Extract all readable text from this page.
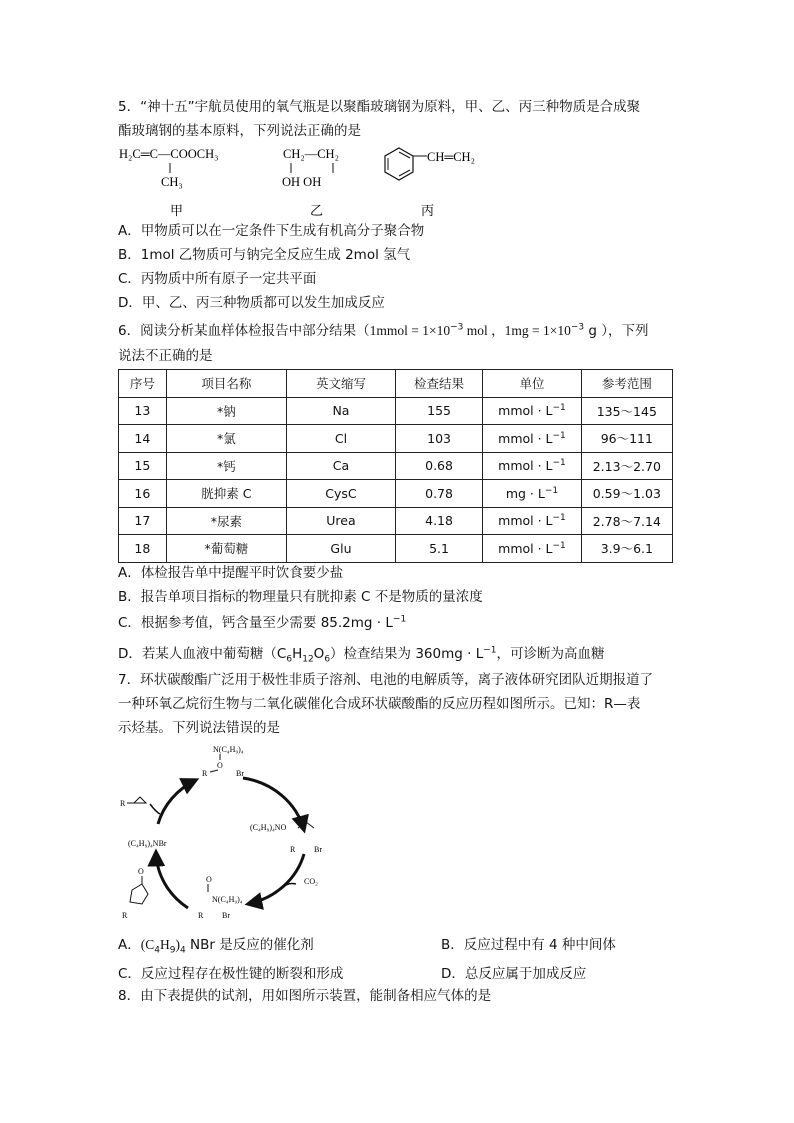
5．“神十五”宇航员使用的氧气瓶是以聚酯玻璃钢为原料，甲、乙、丙三种物质是合成聚
酯玻璃钢的基本原料，下列说法正确的是
H₂C═C—COOCH₃
CH₃
甲
CH₂—CH₂
OH OH
乙
CH═CH₂
丙
A．甲物质可以在一定条件下生成有机高分子聚合物
B．1mol 乙物质可与钠完全反应生成 2mol 氢气
C．丙物质中所有原子一定共平面
D．甲、乙、丙三种物质都可以发生加成反应
6．阅读分析某血样体检报告中部分结果（1mmol = $1\times 10^{-3}$ mol ，$1mg = 1\times 10^{-3}$ g ），下列
说法不正确的是
序号	项目名称	英文缩写	检查结果	单位	参考范围
13	*钠	Na	155	mmol · $L^{-1}$	135～145
14	*氯	Cl	103	mmol · $L^{-1}$	96～111
15	*钙	Ca	0.68	mmol · $L^{-1}$	2.13～2.70
16	胱抑素 C	CysC	0.78	mg · $L^{-1}$	0.59～1.03
17	*尿素	Urea	4.18	mmol · $L^{-1}$	2.78～7.14
18	*葡萄糖	Glu	5.1	mmol · $L^{-1}$	3.9～6.1
A．体检报告单中提醒平时饮食要少盐
B．报告单项目指标的物理量只有胱抑素 C 不是物质的量浓度
C．根据参考值，钙含量至少需要 $85.2mg \cdot L^{-1}$
D．若某人血液中葡萄糖$(C_6H_{12}O_6)$检查结果为 $360mg \cdot L^{-1}$，可诊断为高血糖
7．环状碳酸酯广泛用于极性非质子溶剂、电池的电解质等，离子液体研究团队近期报道了
一种环氧乙烷衍生物与二氧化碳催化合成环状碳酸酯的反应历程如图所示。已知：R—表
示烃基。下列说法错误的是
N(C₄H₉)₄
O
R	Br
R
(C₄H₉)₄NBr
(C₄H₉)₄NO
R Br
CO₂
O
N(C₄H₉)₄
R Br
O
R
A．$(C_4H_9)_4$ NBr 是反应的催化剂	B．反应过程中有 4 种中间体
C．反应过程存在极性键的断裂和形成	D．总反应属于加成反应
8．由下表提供的试剂，用如图所示装置，能制备相应气体的是
